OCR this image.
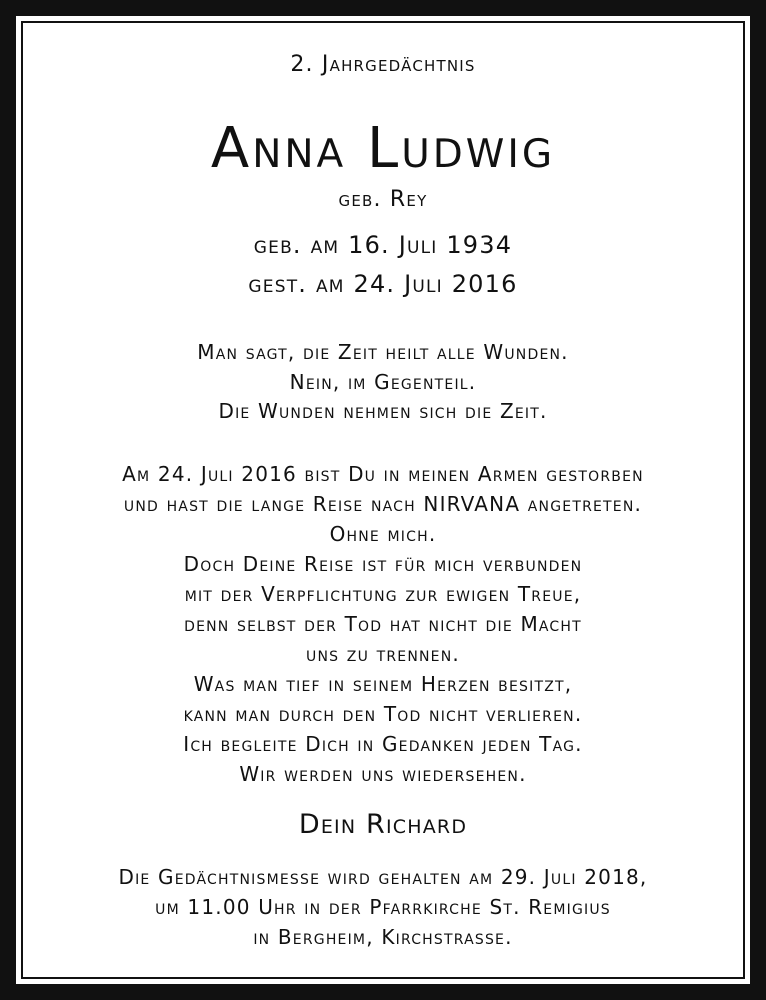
2. Jahrgedächtnis
Anna Ludwig
geb. Rey
geb. am 16. Juli 1934
gest. am 24. Juli 2016
Man sagt, die Zeit heilt alle Wunden.
Nein, im Gegenteil.
Die Wunden nehmen sich die Zeit.
Am 24. Juli 2016 bist Du in meinen Armen gestorben
und hast die lange Reise nach NIRVANA angetreten.
Ohne mich.
Doch Deine Reise ist für mich verbunden
mit der Verpflichtung zur ewigen Treue,
denn selbst der Tod hat nicht die Macht
uns zu trennen.
Was man tief in seinem Herzen besitzt,
kann man durch den Tod nicht verlieren.
Ich begleite Dich in Gedanken jeden Tag.
Wir werden uns wiedersehen.
Dein Richard
Die Gedächtnismesse wird gehalten am 29. Juli 2018,
um 11.00 Uhr in der Pfarrkirche St. Remigius
in Bergheim, Kirchstrasse.
